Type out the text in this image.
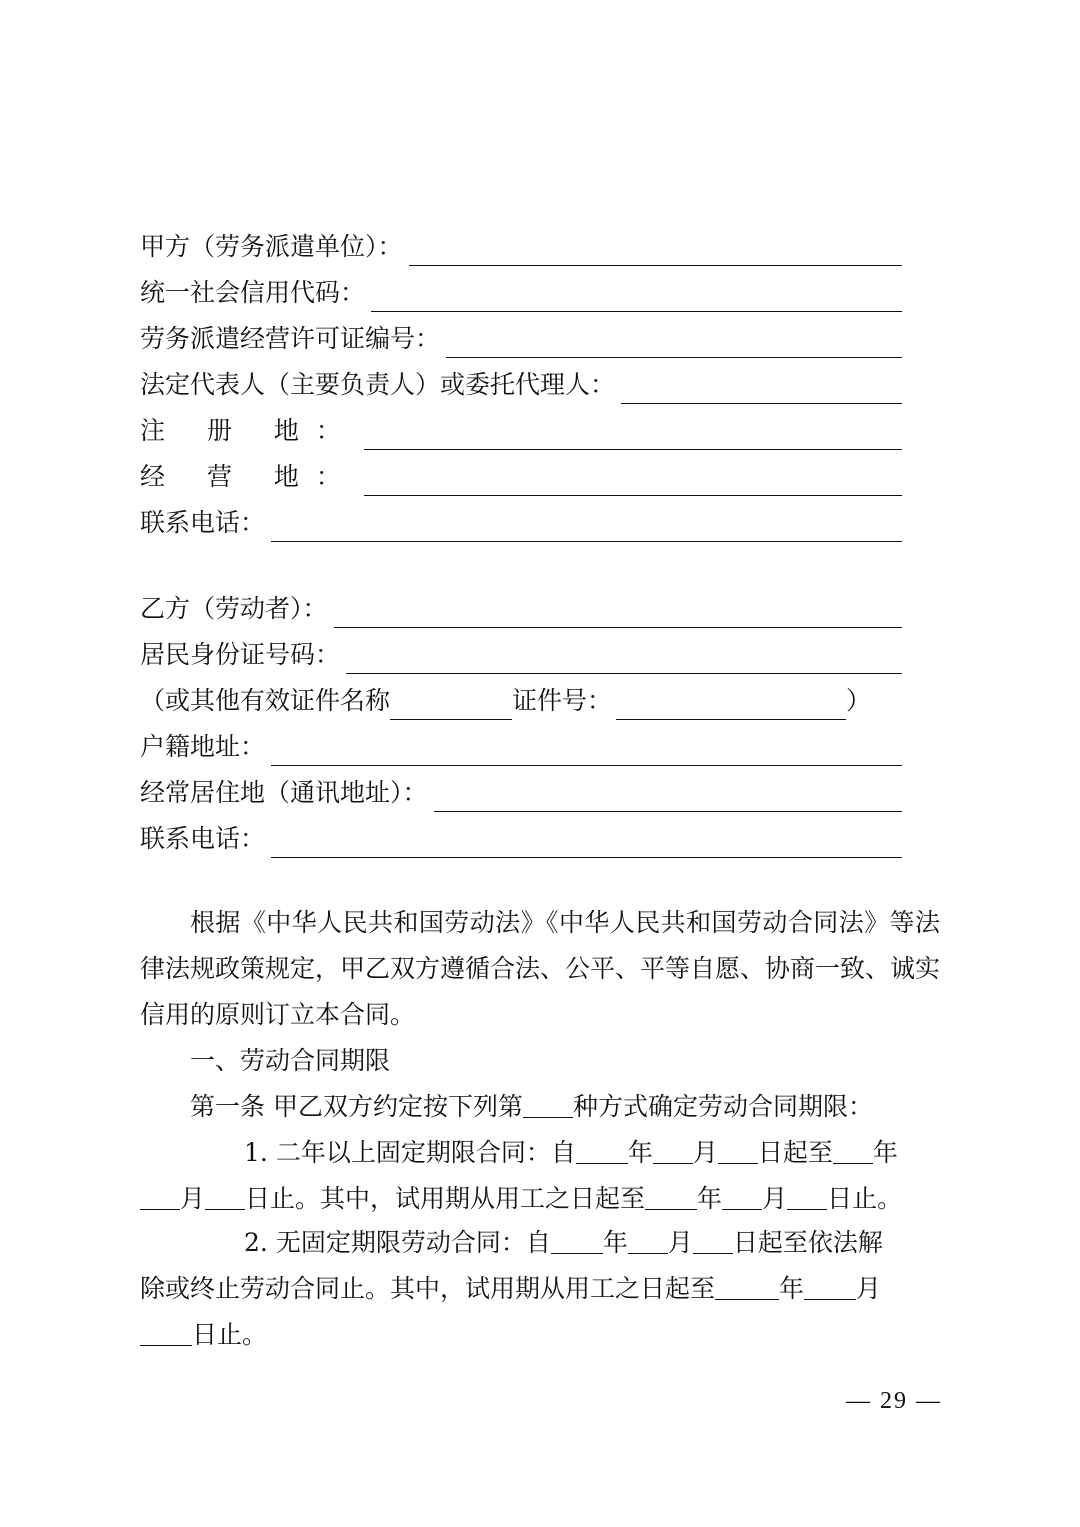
甲方（劳务派遣单位）：
统一社会信用代码：
劳务派遣经营许可证编号：
法定代表人（主要负责人）或委托代理人：
注 册 地：
经 营 地：
联系电话：
乙方（劳动者）：
居民身份证号码：
（或其他有效证件名称	证件号：	）
户籍地址：
经常居住地（通讯地址）：
联系电话：

根据《中华人民共和国劳动法》《中华人民共和国劳动合同法》等法律法规政策规定，甲乙双方遵循合法、公平、平等自愿、协商一致、诚实信用的原则订立本合同。

一、劳动合同期限
第一条 甲乙双方约定按下列第 种方式确定劳动合同期限：
1. 二年以上固定期限合同：自 年 月 日起至 年
月 日止。其中，试用期从用工之日起至 年 月 日止。
2. 无固定期限劳动合同：自 年 月 日起至依法解
除或终止劳动合同止。其中，试用期从用工之日起至	年 月
日止。
— 29 —
